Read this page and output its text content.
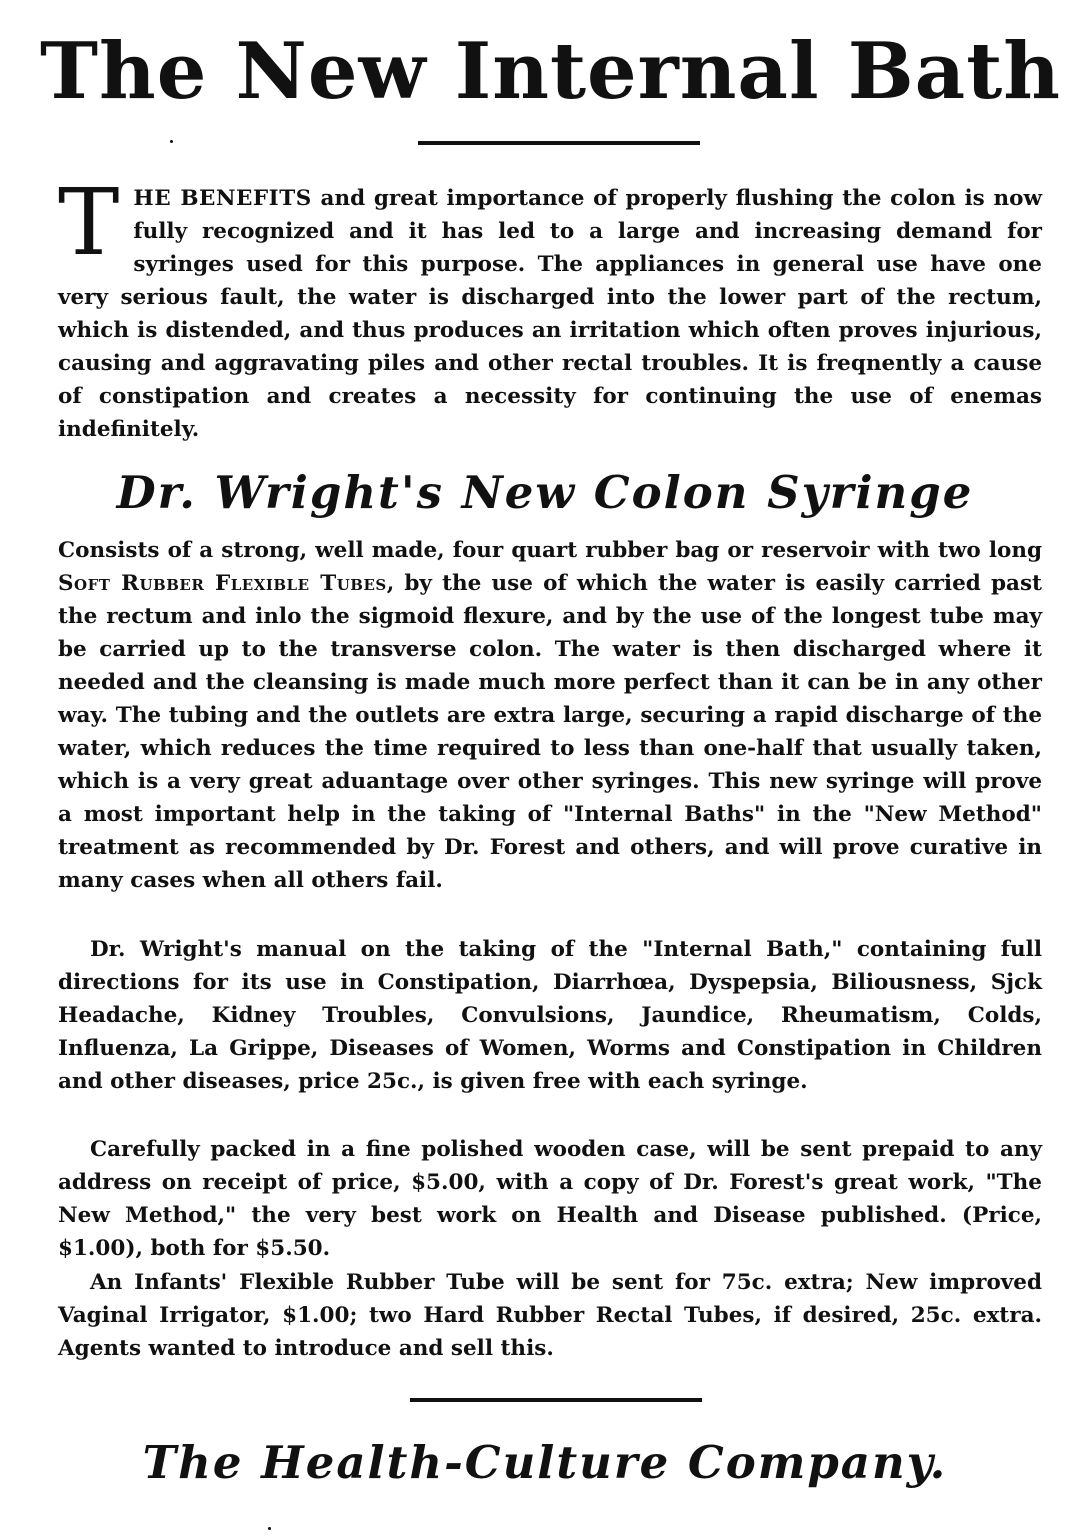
The New Internal Bath

THE BENEFITS and great importance of properly flushing the colon is now fully recognized and it has led to a large and increasing demand for syringes used for this purpose. The appliances in general use have one very serious fault, the water is discharged into the lower part of the rectum, which is distended, and thus produces an irritation which often proves injurious, causing and aggravating piles and other rectal troubles. It is freqnently a cause of constipation and creates a necessity for continuing the use of enemas indefinitely.

Dr. Wright's New Colon Syringe

Consists of a strong, well made, four quart rubber bag or reservoir with two long Soft Rubber Flexible Tubes, by the use of which the water is easily carried past the rectum and inlo the sigmoid flexure, and by the use of the longest tube may be carried up to the transverse colon. The water is then discharged where it needed and the cleansing is made much more perfect than it can be in any other way. The tubing and the outlets are extra large, securing a rapid discharge of the water, which reduces the time required to less than one-half that usually taken, which is a very great aduantage over other syringes. This new syringe will prove a most important help in the taking of "Internal Baths" in the "New Method" treatment as recommended by Dr. Forest and others, and will prove curative in many cases when all others fail.

Dr. Wright's manual on the taking of the "Internal Bath," containing full directions for its use in Constipation, Diarrhœa, Dyspepsia, Biliousness, Sjck Headache, Kidney Troubles, Convulsions, Jaundice, Rheumatism, Colds, Influenza, La Grippe, Diseases of Women, Worms and Constipation in Children and other diseases, price 25c., is given free with each syringe.

Carefully packed in a fine polished wooden case, will be sent prepaid to any address on receipt of price, $5.00, with a copy of Dr. Forest's great work, "The New Method," the very best work on Health and Disease published. (Price, $1.00), both for $5.50.

An Infants' Flexible Rubber Tube will be sent for 75c. extra; New improved Vaginal Irrigator, $1.00; two Hard Rubber Rectal Tubes, if desired, 25c. extra. Agents wanted to introduce and sell this.

The Health-Culture Company.
